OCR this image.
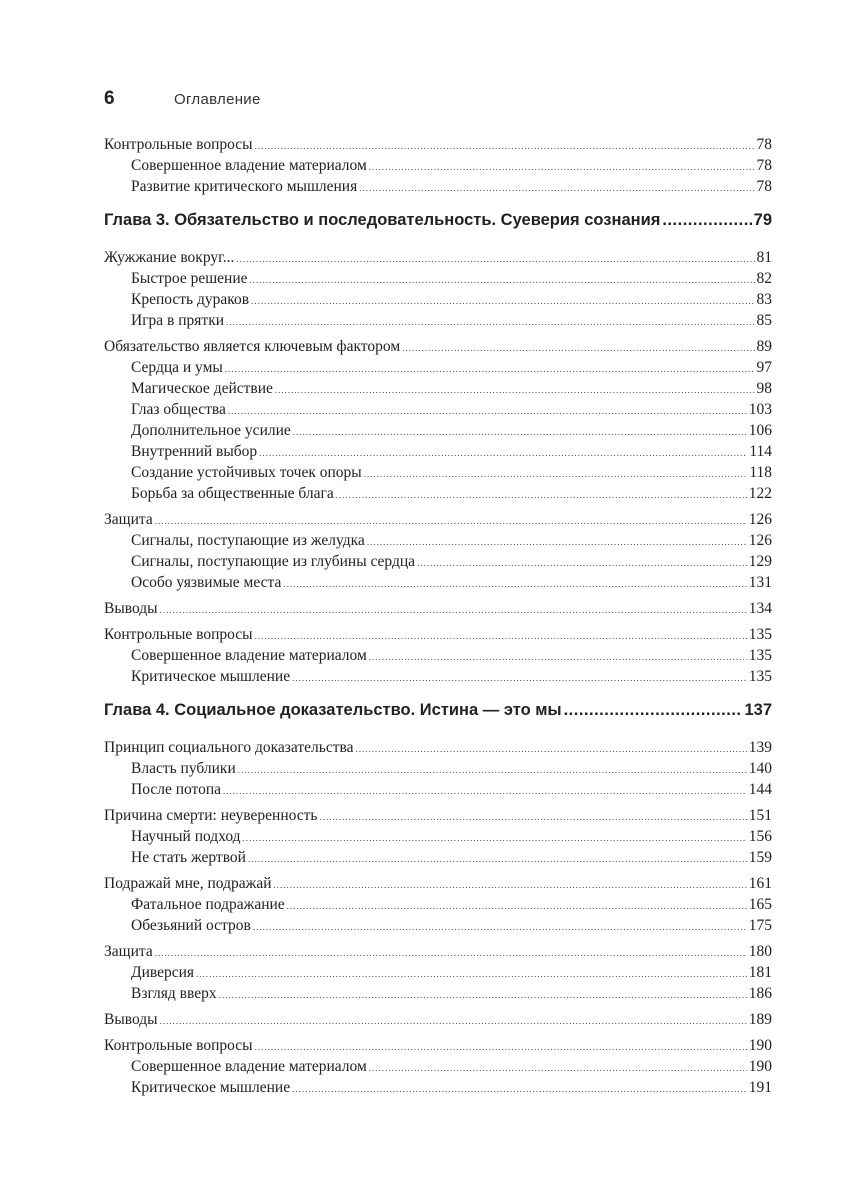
6	Оглавление
Контрольные вопросы .....	78
Совершенное владение материалом .....	78
Развитие критического мышления .....	78
Глава 3. Обязательство и последовательность. Суеверия сознания .....	79
Жужжание вокруг... .....	81
Быстрое решение .....	82
Крепость дураков .....	83
Игра в прятки .....	85
Обязательство является ключевым фактором .....	89
Сердца и умы .....	97
Магическое действие .....	98
Глаз общества .....	103
Дополнительное усилие .....	106
Внутренний выбор .....	114
Создание устойчивых точек опоры .....	118
Борьба за общественные блага .....	122
Защита .....	126
Сигналы, поступающие из желудка .....	126
Сигналы, поступающие из глубины сердца .....	129
Особо уязвимые места .....	131
Выводы .....	134
Контрольные вопросы .....	135
Совершенное владение материалом .....	135
Критическое мышление .....	135
Глава 4. Социальное доказательство. Истина — это мы .....	137
Принцип социального доказательства .....	139
Власть публики .....	140
После потопа .....	144
Причина смерти: неуверенность .....	151
Научный подход .....	156
Не стать жертвой .....	159
Подражай мне, подражай .....	161
Фатальное подражание .....	165
Обезьяний остров .....	175
Защита .....	180
Диверсия .....	181
Взгляд вверх .....	186
Выводы .....	189
Контрольные вопросы .....	190
Совершенное владение материалом .....	190
Критическое мышление .....	191
